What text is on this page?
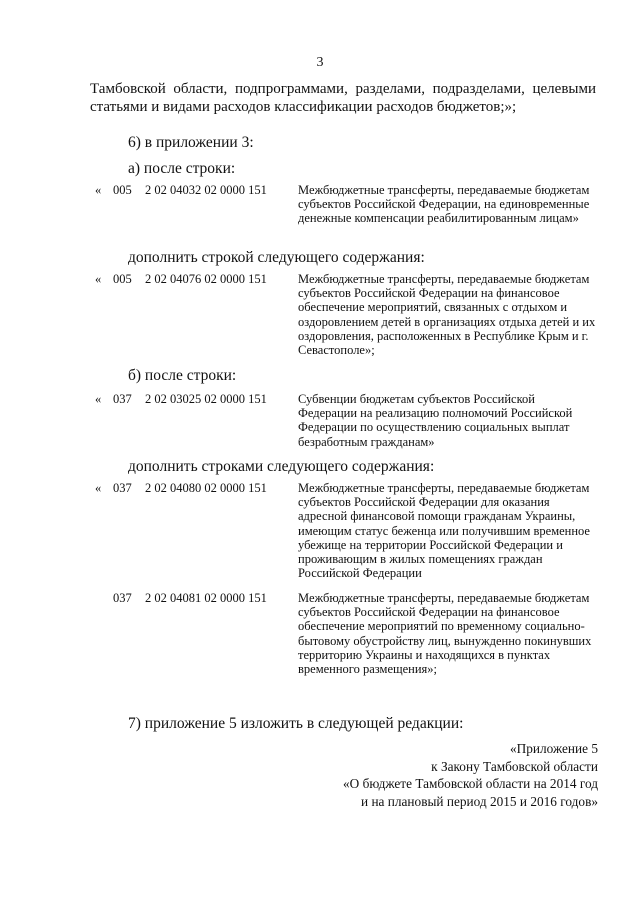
3
Тамбовской области, подпрограммами, разделами, подразделами, целевыми статьями и видами расходов классификации расходов бюджетов;»;
6) в приложении 3:
а) после строки:
« 005 2 02 04032 02 0000 151 Межбюджетные трансферты, передаваемые бюджетам субъектов Российской Федерации, на единовременные денежные компенсации реабилитированным лицам»
дополнить строкой следующего содержания:
« 005 2 02 04076 02 0000 151 Межбюджетные трансферты, передаваемые бюджетам субъектов Российской Федерации на финансовое обеспечение мероприятий, связанных с отдыхом и оздоровлением детей в организациях отдыха детей и их оздоровления, расположенных в Республике Крым и г. Севастополе»;
б) после строки:
« 037 2 02 03025 02 0000 151 Субвенции бюджетам субъектов Российской Федерации на реализацию полномочий Российской Федерации по осуществлению социальных выплат безработным гражданам»
дополнить строками следующего содержания:
« 037 2 02 04080 02 0000 151 Межбюджетные трансферты, передаваемые бюджетам субъектов Российской Федерации для оказания адресной финансовой помощи гражданам Украины, имеющим статус беженца или получившим временное убежище на территории Российской Федерации и проживающим в жилых помещениях граждан Российской Федерации
037 2 02 04081 02 0000 151 Межбюджетные трансферты, передаваемые бюджетам субъектов Российской Федерации на финансовое обеспечение мероприятий по временному социально-бытовому обустройству лиц, вынужденно покинувших территорию Украины и находящихся в пунктах временного размещения»;
7) приложение 5 изложить в следующей редакции:
«Приложение 5
к Закону Тамбовской области
«О бюджете Тамбовской области на 2014 год
и на плановый период 2015 и 2016 годов»
